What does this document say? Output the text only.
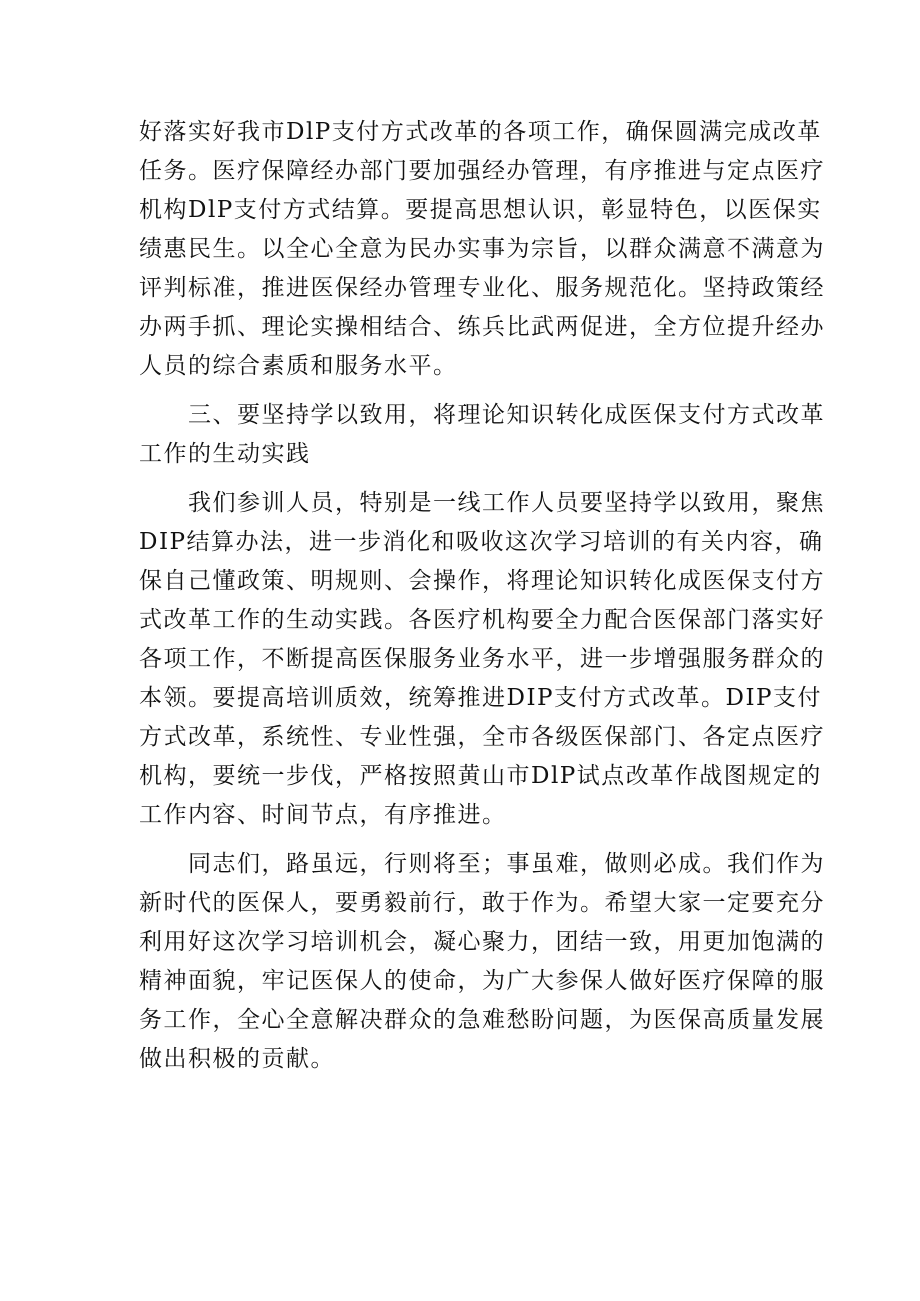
好落实好我市DlP支付方式改革的各项工作，确保圆满完成改革
任务。医疗保障经办部门要加强经办管理，有序推进与定点医疗
机构DlP支付方式结算。要提高思想认识，彰显特色，以医保实
绩惠民生。以全心全意为民办实事为宗旨，以群众满意不满意为
评判标准，推进医保经办管理专业化、服务规范化。坚持政策经
办两手抓、理论实操相结合、练兵比武两促进，全方位提升经办
人员的综合素质和服务水平。
　　三、要坚持学以致用，将理论知识转化成医保支付方式改革
工作的生动实践
　　我们参训人员，特别是一线工作人员要坚持学以致用，聚焦
DIP结算办法，进一步消化和吸收这次学习培训的有关内容，确
保自己懂政策、明规则、会操作，将理论知识转化成医保支付方
式改革工作的生动实践。各医疗机构要全力配合医保部门落实好
各项工作，不断提高医保服务业务水平，进一步增强服务群众的
本领。要提高培训质效，统筹推进DIP支付方式改革。DIP支付
方式改革，系统性、专业性强，全市各级医保部门、各定点医疗
机构，要统一步伐，严格按照黄山市DlP试点改革作战图规定的
工作内容、时间节点，有序推进。
　　同志们，路虽远，行则将至；事虽难，做则必成。我们作为
新时代的医保人，要勇毅前行，敢于作为。希望大家一定要充分
利用好这次学习培训机会，凝心聚力，团结一致，用更加饱满的
精神面貌，牢记医保人的使命，为广大参保人做好医疗保障的服
务工作，全心全意解决群众的急难愁盼问题，为医保高质量发展
做出积极的贡献。
